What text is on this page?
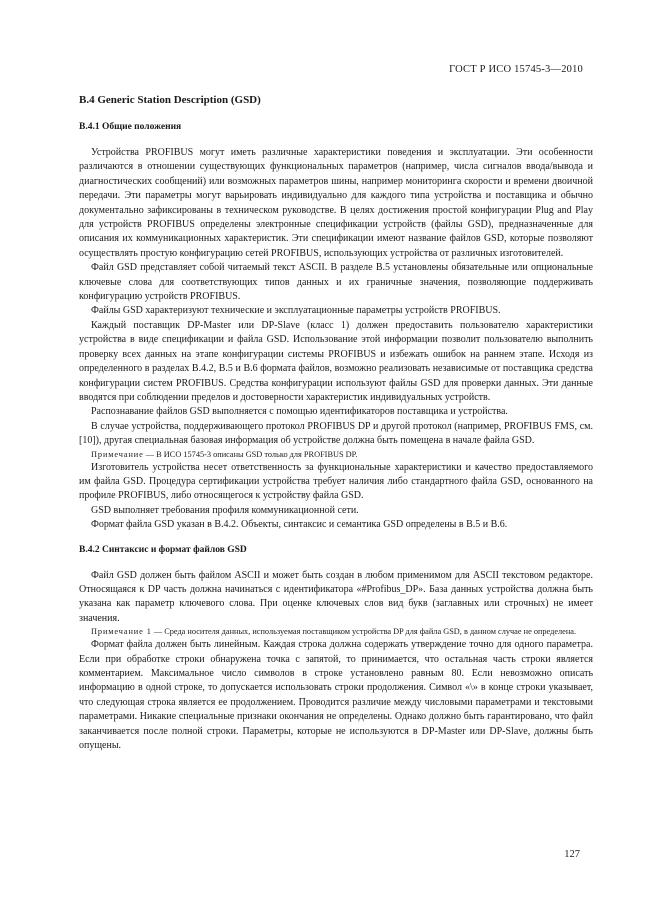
ГОСТ Р ИСО 15745-3—2010
B.4 Generic Station Description (GSD)
B.4.1 Общие положения

Устройства PROFIBUS могут иметь различные характеристики поведения и эксплуатации. Эти особенности различаются в отношении существующих функциональных параметров (например, числа сигналов ввода/вывода и диагностических сообщений) или возможных параметров шины, например мониторинга скорости и времени двоичной передачи. Эти параметры могут варьировать индивидуально для каждого типа устройства и поставщика и обычно документально зафиксированы в техническом руководстве. В целях достижения простой конфигурации Plug and Play для устройств PROFIBUS определены электронные спецификации устройств (файлы GSD), предназначенные для описания их коммуникационных характеристик. Эти спецификации имеют название файлов GSD, которые позволяют осуществлять простую конфигурацию сетей PROFIBUS, использующих устройства от различных изготовителей.

Файл GSD представляет собой читаемый текст ASCII. В разделе B.5 установлены обязательные или опциональные ключевые слова для соответствующих типов данных и их граничные значения, позволяющие поддерживать конфигурацию устройств PROFIBUS.

Файлы GSD характеризуют технические и эксплуатационные параметры устройств PROFIBUS.

Каждый поставщик DP-Master или DP-Slave (класс 1) должен предоставить пользователю характеристики устройства в виде спецификации и файла GSD. Использование этой информации позволит пользователю выполнить проверку всех данных на этапе конфигурации системы PROFIBUS и избежать ошибок на раннем этапе. Исходя из определенного в разделах B.4.2, B.5 и B.6 формата файлов, возможно реализовать независимые от поставщика средства конфигурации систем PROFIBUS. Средства конфигурации используют файлы GSD для проверки данных. Эти данные вводятся при соблюдении пределов и достоверности характеристик индивидуальных устройств.

Распознавание файлов GSD выполняется с помощью идентификаторов поставщика и устройства.

В случае устройства, поддерживающего протокол PROFIBUS DP и другой протокол (например, PROFIBUS FMS, см. [10]), другая специальная базовая информация об устройстве должна быть помещена в начале файла GSD.

Примечание — В ИСО 15745-3 описаны GSD только для PROFIBUS DP.

Изготовитель устройства несет ответственность за функциональные характеристики и качество предоставляемого им файла GSD. Процедура сертификации устройства требует наличия либо стандартного файла GSD, основанного на профиле PROFIBUS, либо относящегося к устройству файла GSD.

GSD выполняет требования профиля коммуникационной сети.

Формат файла GSD указан в B.4.2. Объекты, синтаксис и семантика GSD определены в B.5 и B.6.

B.4.2 Синтаксис и формат файлов GSD

Файл GSD должен быть файлом ASCII и может быть создан в любом применимом для ASCII текстовом редакторе. Относящаяся к DP часть должна начинаться с идентификатора «#Profibus_DP». База данных устройства должна быть указана как параметр ключевого слова. При оценке ключевых слов вид букв (заглавных или строчных) не имеет значения.

Примечание 1 — Среда носителя данных, используемая поставщиком устройства DP для файла GSD, в данном случае не определена.

Формат файла должен быть линейным. Каждая строка должна содержать утверждение точно для одного параметра. Если при обработке строки обнаружена точка с запятой, то принимается, что остальная часть строки является комментарием. Максимальное число символов в строке установлено равным 80. Если невозможно описать информацию в одной строке, то допускается использовать строки продолжения. Символ «\» в конце строки указывает, что следующая строка является ее продолжением. Проводится различие между числовыми параметрами и текстовыми параметрами. Никакие специальные признаки окончания не определены. Однако должно быть гарантировано, что файл заканчивается после полной строки. Параметры, которые не используются в DP-Master или DP-Slave, должны быть опущены.

127
